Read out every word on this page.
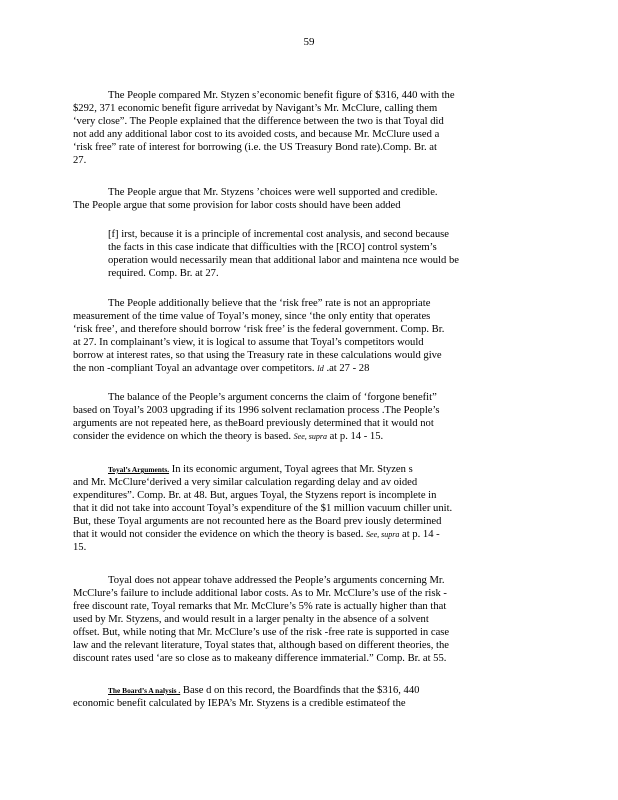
59
The People compared Mr. Styzen s’economic benefit figure of $316, 440 with the
$292, 371 economic benefit figure arrivedat by Navigant’s Mr. McClure, calling them
‘very close”. The People explained that the difference between the two is that Toyal did
not add any additional labor cost to its avoided costs, and because Mr. McClure used a
‘risk free” rate of interest for borrowing (i.e. the US Treasury Bond rate).Comp. Br. at
27.
The People argue that Mr. Styzens ’choices were well supported and credible.
The People argue that some provision for labor costs should have been added
[f] irst, because it is a principle of incremental cost analysis, and second because
the facts in this case indicate that difficulties with the [RCO] control system’s
operation would necessarily mean that additional labor and maintena nce would be
required. Comp. Br. at 27.
The People additionally believe that the ‘risk free” rate is not an appropriate
measurement of the time value of Toyal’s money, since ‘the only entity that operates
‘risk free’, and therefore should borrow ‘risk free’ is the federal government. Comp. Br.
at 27. In complainant’s view, it is logical to assume that Toyal’s competitors would
borrow at interest rates, so that using the Treasury rate in these calculations would give
the non -compliant Toyal an advantage over competitors. Id .at 27 - 28
The balance of the People’s argument concerns the claim of ‘forgone benefit”
based on Toyal’s 2003 upgrading if its 1996 solvent reclamation process .The People’s
arguments are not repeated here, as theBoard previously determined that it would not
consider the evidence on which the theory is based. See, supra at p. 14 - 15.
Toyal’s Arguments. In its economic argument, Toyal agrees that Mr. Styzen s
and Mr. McClure‘derived a very similar calculation regarding delay and av oided
expenditures”. Comp. Br. at 48. But, argues Toyal, the Styzens report is incomplete in
that it did not take into account Toyal’s expenditure of the $1 million vacuum chiller unit.
But, these Toyal arguments are not recounted here as the Board prev iously determined
that it would not consider the evidence on which the theory is based. See, supra at p. 14 -
15.
Toyal does not appear tohave addressed the People’s arguments concerning Mr.
McClure’s failure to include additional labor costs. As to Mr. McClure’s use of the risk -
free discount rate, Toyal remarks that Mr. McClure’s 5% rate is actually higher than that
used by Mr. Styzens, and would result in a larger penalty in the absence of a solvent
offset. But, while noting that Mr. McClure’s use of the risk -free rate is supported in case
law and the relevant literature, Toyal states that, although based on different theories, the
discount rates used ‘are so close as to makeany difference immaterial.” Comp. Br. at 55.
The Board’s A nalysis . Base d on this record, the Boardfinds that the $316, 440
economic benefit calculated by IEPA’s Mr. Styzens is a credible estimateof the
